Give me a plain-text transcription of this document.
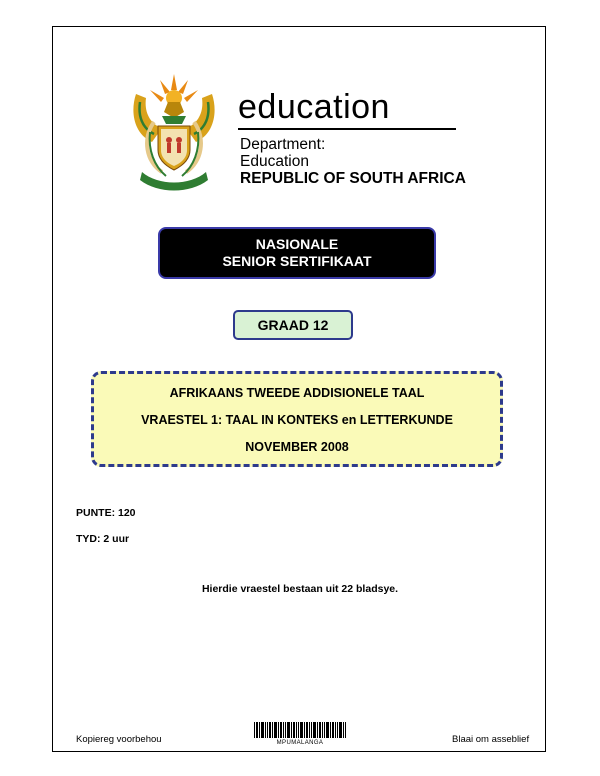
education
Department:
Education
REPUBLIC OF SOUTH AFRICA
NASIONALE
SENIOR SERTIFIKAAT
GRAAD 12
AFRIKAANS TWEEDE ADDISIONELE TAAL
VRAESTEL 1: TAAL IN KONTEKS en LETTERKUNDE
NOVEMBER 2008
PUNTE: 120
TYD: 2 uur
Hierdie vraestel bestaan uit 22 bladsye.
Kopiereg voorbehou	MPUMALANGA	Blaai om asseblief
